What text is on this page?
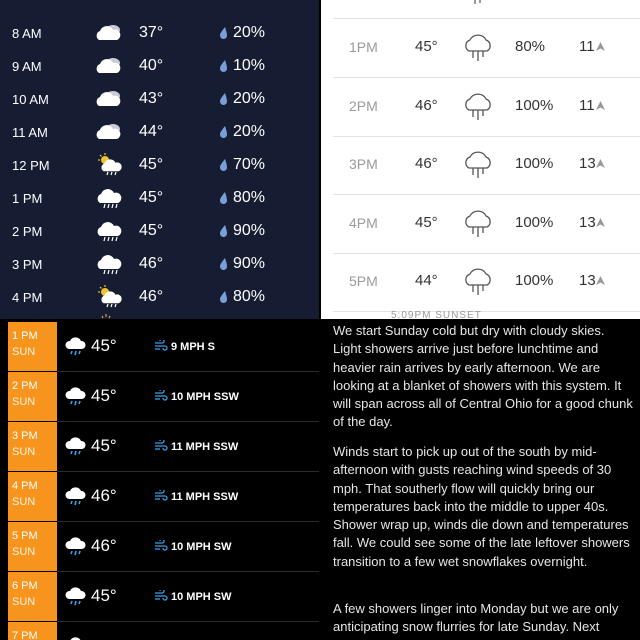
8 AM	37°	20%
9 AM	40°	10%
10 AM	43°	20%
11 AM	44°	20%
12 PM	45°	70%
1 PM	45°	80%
2 PM	45°	90%
3 PM	46°	90%
4 PM	46°	80%
1PM 45°	80% 11
2PM 46°	100% 11
3PM 46°	100% 13
4PM 45°	100% 13
5PM 44°	100% 13
5:09PM SUNSET
1 PM
SUN	45°	9 MPH S
2 PM
SUN	45°	10 MPH SSW
3 PM
SUN	45°	11 MPH SSW
4 PM
SUN	46°	11 MPH SSW
5 PM
SUN	46°	10 MPH SW
6 PM
SUN	45°	10 MPH SW
7 PM

We start Sunday cold but dry with cloudy skies. Light showers arrive just before lunchtime and heavier rain arrives by early afternoon. We are looking at a blanket of showers with this system. It will span across all of Central Ohio for a good chunk of the day.

Winds start to pick up out of the south by mid-afternoon with gusts reaching wind speeds of 30 mph. That southerly flow will quickly bring our temperatures back into the middle to upper 40s. Shower wrap up, winds die down and temperatures fall. We could see some of the late leftover showers transition to a few wet snowflakes overnight.

A few showers linger into Monday but we are only anticipating snow flurries for late Sunday. Next
